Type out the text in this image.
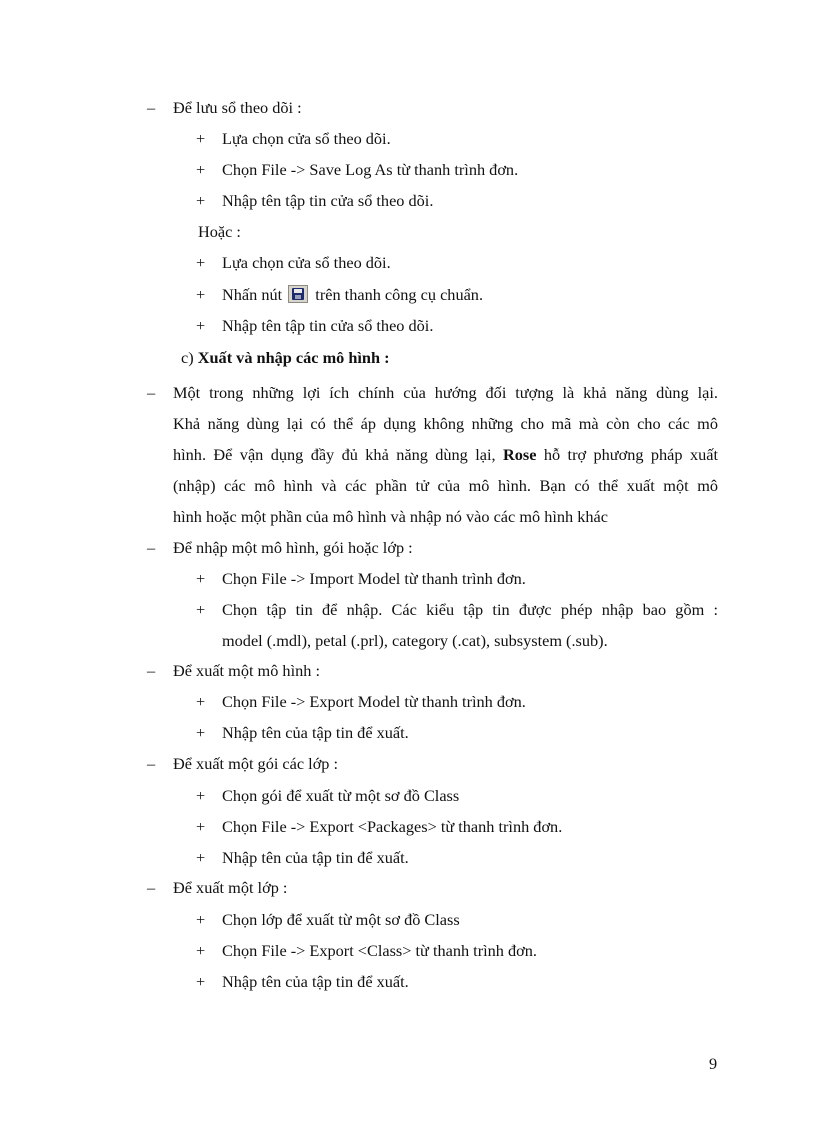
– Để lưu sổ theo dõi :
+ Lựa chọn cửa sổ theo dõi.
+ Chọn File -> Save Log As từ thanh trình đơn.
+ Nhập tên tập tin cửa sổ theo dõi.
Hoặc :
+ Lựa chọn cửa sổ theo dõi.
+ Nhấn nút trên thanh công cụ chuẩn.
+ Nhập tên tập tin cửa sổ theo dõi.
c) Xuất và nhập các mô hình :
– Một trong những lợi ích chính của hướng đối tượng là khả năng dùng lại.
Khả năng dùng lại có thể áp dụng không những cho mã mà còn cho các mô
hình. Để vận dụng đầy đủ khả năng dùng lại, Rose hỗ trợ phương pháp xuất
(nhập) các mô hình và các phần tử của mô hình. Bạn có thể xuất một mô
hình hoặc một phần của mô hình và nhập nó vào các mô hình khác
– Để nhập một mô hình, gói hoặc lớp :
+ Chọn File -> Import Model từ thanh trình đơn.
+ Chọn tập tin để nhập. Các kiểu tập tin được phép nhập bao gồm :
model (.mdl), petal (.prl), category (.cat), subsystem (.sub).
– Để xuất một mô hình :
+ Chọn File -> Export Model từ thanh trình đơn.
+ Nhập tên của tập tin để xuất.
– Để xuất một gói các lớp :
+ Chọn gói để xuất từ một sơ đồ Class
+ Chọn File -> Export <Packages> từ thanh trình đơn.
+ Nhập tên của tập tin để xuất.
– Để xuất một lớp :
+ Chọn lớp để xuất từ một sơ đồ Class
+ Chọn File -> Export <Class> từ thanh trình đơn.
+ Nhập tên của tập tin để xuất.
9
